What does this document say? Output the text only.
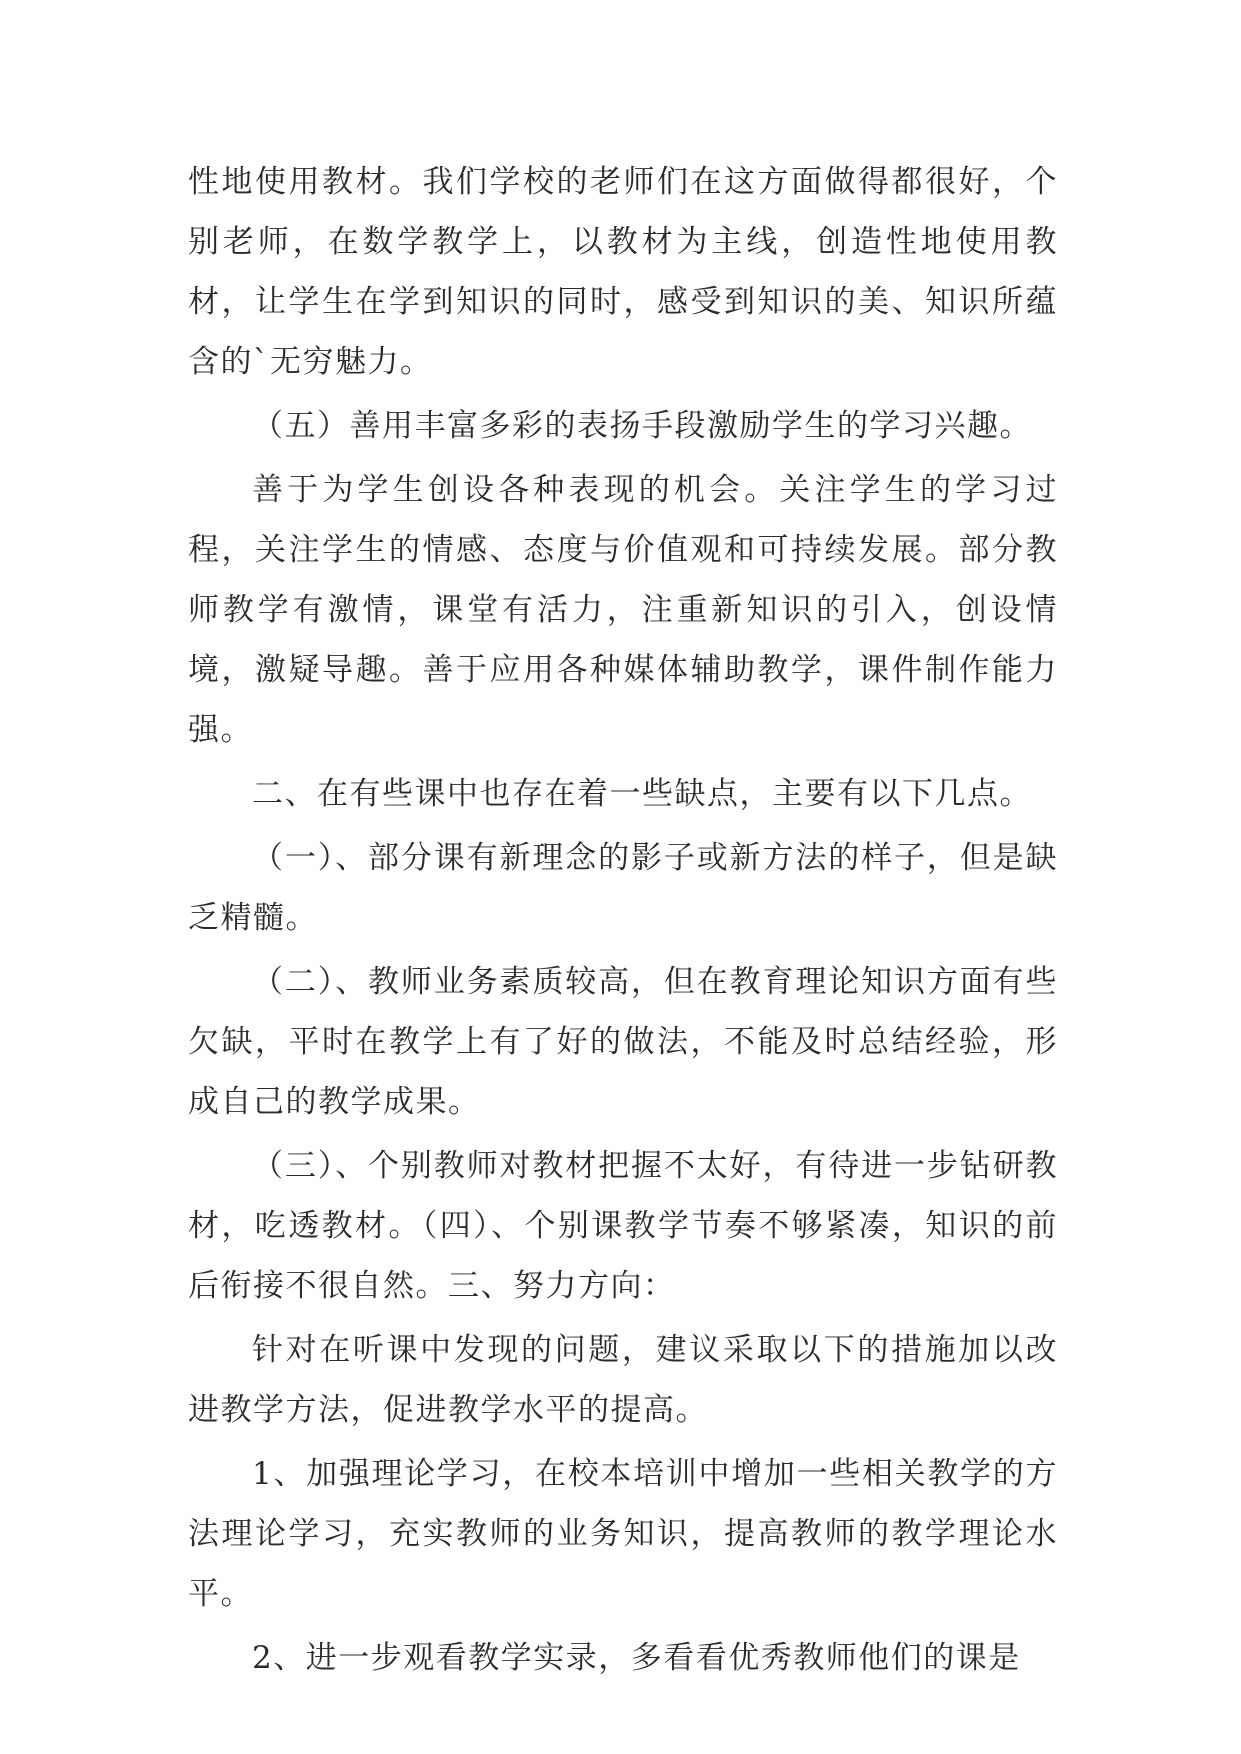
性地使用教材。我们学校的老师们在这方面做得都很好，个别老师，在数学教学上，以教材为主线，创造性地使用教材，让学生在学到知识的同时，感受到知识的美、知识所蕴含的`无穷魅力。

（五）善用丰富多彩的表扬手段激励学生的学习兴趣。

善于为学生创设各种表现的机会。关注学生的学习过程，关注学生的情感、态度与价值观和可持续发展。部分教师教学有激情，课堂有活力，注重新知识的引入，创设情境，激疑导趣。善于应用各种媒体辅助教学，课件制作能力强。

二、在有些课中也存在着一些缺点，主要有以下几点。

（一）、部分课有新理念的影子或新方法的样子，但是缺乏精髓。

（二）、教师业务素质较高，但在教育理论知识方面有些欠缺，平时在教学上有了好的做法，不能及时总结经验，形成自己的教学成果。

（三）、个别教师对教材把握不太好，有待进一步钻研教材，吃透教材。（四）、个别课教学节奏不够紧凑，知识的前后衔接不很自然。三、努力方向：

针对在听课中发现的问题，建议采取以下的措施加以改进教学方法，促进教学水平的提高。

1、加强理论学习，在校本培训中增加一些相关教学的方法理论学习，充实教师的业务知识，提高教师的教学理论水平。

2、进一步观看教学实录，多看看优秀教师他们的课是
